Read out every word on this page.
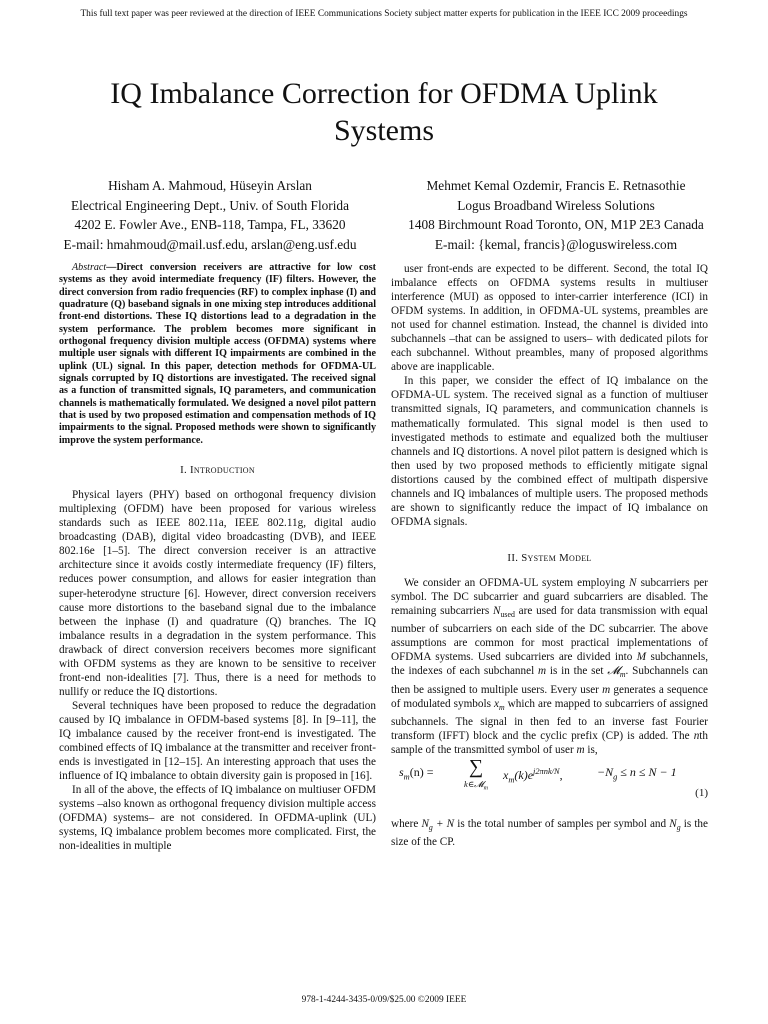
This full text paper was peer reviewed at the direction of IEEE Communications Society subject matter experts for publication in the IEEE ICC 2009 proceedings
IQ Imbalance Correction for OFDMA Uplink
Systems
Hisham A. Mahmoud, Hüseyin Arslan
Electrical Engineering Dept., Univ. of South Florida
4202 E. Fowler Ave., ENB-118, Tampa, FL, 33620
E-mail: hmahmoud@mail.usf.edu, arslan@eng.usf.edu
Mehmet Kemal Ozdemir, Francis E. Retnasothie
Logus Broadband Wireless Solutions
1408 Birchmount Road Toronto, ON, M1P 2E3 Canada
E-mail: {kemal, francis}@loguswireless.com

Abstract—Direct conversion receivers are attractive for low cost systems as they avoid intermediate frequency (IF) filters. However, the direct conversion from radio frequencies (RF) to complex inphase (I) and quadrature (Q) baseband signals in one mixing step introduces additional front-end distortions. These IQ distortions lead to a degradation in the system performance. The problem becomes more significant in orthogonal frequency division multiple access (OFDMA) systems where multiple user signals with different IQ impairments are combined in the uplink (UL) signal. In this paper, detection methods for OFDMA-UL signals corrupted by IQ distortions are investigated. The received signal as a function of transmitted signals, IQ parameters, and communication channels is mathematically formulated. We designed a novel pilot pattern that is used by two proposed estimation and compensation methods of IQ impairments to the signal. Proposed methods were shown to significantly improve the system performance.

I. Introduction

Physical layers (PHY) based on orthogonal frequency division multiplexing (OFDM) have been proposed for various wireless standards such as IEEE 802.11a, IEEE 802.11g, digital audio broadcasting (DAB), digital video broadcasting (DVB), and IEEE 802.16e [1–5]. The direct conversion receiver is an attractive architecture since it avoids costly intermediate frequency (IF) filters, reduces power consumption, and allows for easier integration than super-heterodyne structure [6]. However, direct conversion receivers cause more distortions to the baseband signal due to the imbalance between the inphase (I) and quadrature (Q) branches. The IQ imbalance results in a degradation in the system performance. This drawback of direct conversion receivers becomes more significant with OFDM systems as they are known to be sensitive to receiver front-end non-idealities [7]. Thus, there is a need for methods to nullify or reduce the IQ distortions.

Several techniques have been proposed to reduce the degradation caused by IQ imbalance in OFDM-based systems [8]. In [9–11], the IQ imbalance caused by the receiver front-end is investigated. The combined effects of IQ imbalance at the transmitter and receiver front-ends is investigated in [12–15]. An interesting approach that uses the influence of IQ imbalance to obtain diversity gain is proposed in [16].

In all of the above, the effects of IQ imbalance on multiuser OFDM systems –also known as orthogonal frequency division multiple access (OFDMA) systems– are not considered. In OFDMA-uplink (UL) systems, IQ imbalance problem becomes more complicated. First, the non-idealities in multiple

user front-ends are expected to be different. Second, the total IQ imbalance effects on OFDMA systems results in multiuser interference (MUI) as opposed to inter-carrier interference (ICI) in OFDM systems. In addition, in OFDMA-UL systems, preambles are not used for channel estimation. Instead, the channel is divided into subchannels –that can be assigned to users– with dedicated pilots for each subchannel. Without preambles, many of proposed algorithms above are inapplicable.

In this paper, we consider the effect of IQ imbalance on the OFDMA-UL system. The received signal as a function of multiuser transmitted signals, IQ parameters, and communication channels is mathematically formulated. This signal model is then used to investigated methods to estimate and equalized both the multiuser channels and IQ distortions. A novel pilot pattern is designed which is then used by two proposed methods to efficiently mitigate signal distortions caused by the combined effect of multipath dispersive channels and IQ imbalances of multiple users. The proposed methods are shown to significantly reduce the impact of IQ imbalance on OFDMA signals.

II. System Model

We consider an OFDMA-UL system employing N subcarriers per symbol. The DC subcarrier and guard subcarriers are disabled. The remaining subcarriers $N_{used}$ are used for data transmission with equal number of subcarriers on each side of the DC subcarrier. The above assumptions are common for most practical implementations of OFDMA systems. Used subcarriers are divided into M subchannels, the indexes of each subchannel m is in the set 𝓜$_m$. Subchannels can then be assigned to multiple users. Every user m generates a sequence of modulated symbols $x_m$ which are mapped to subcarriers of assigned subchannels. The signal in then fed to an inverse fast Fourier transform (IFFT) block and the cyclic prefix (CP) is added. The nth sample of the transmitted symbol of user m is,

$s_m(n)$ =	∑
k∈𝓜$_m$
$x_m(k)e^{j2\pi nk/N}$,	$-N_g \le n \le N - 1$
(1)

where $N_g + N$ is the total number of samples per symbol and $N_g$ is the size of the CP.

978-1-4244-3435-0/09/$25.00 ©2009 IEEE
